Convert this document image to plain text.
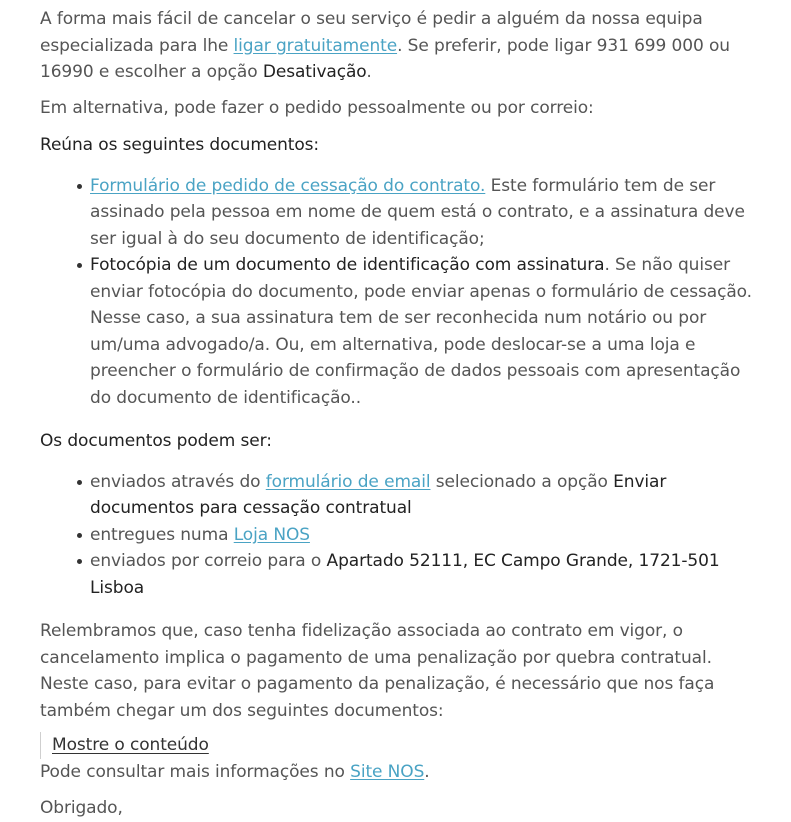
A forma mais fácil de cancelar o seu serviço é pedir a alguém da nossa equipa especializada para lhe ligar gratuitamente. Se preferir, pode ligar 931 699 000 ou 16990 e escolher a opção Desativação.

Em alternativa, pode fazer o pedido pessoalmente ou por correio:

Reúna os seguintes documentos:

Formulário de pedido de cessação do contrato. Este formulário tem de ser assinado pela pessoa em nome de quem está o contrato, e a assinatura deve ser igual à do seu documento de identificação;
Fotocópia de um documento de identificação com assinatura. Se não quiser enviar fotocópia do documento, pode enviar apenas o formulário de cessação. Nesse caso, a sua assinatura tem de ser reconhecida num notário ou por um/uma advogado/a. Ou, em alternativa, pode deslocar-se a uma loja e preencher o formulário de confirmação de dados pessoais com apresentação do documento de identificação..

Os documentos podem ser:

enviados através do formulário de email selecionado a opção Enviar documentos para cessação contratual
entregues numa Loja NOS
enviados por correio para o Apartado 52111, EC Campo Grande, 1721-501 Lisboa

Relembramos que, caso tenha fidelização associada ao contrato em vigor, o cancelamento implica o pagamento de uma penalização por quebra contratual.
Neste caso, para evitar o pagamento da penalização, é necessário que nos faça também chegar um dos seguintes documentos:

Mostre o conteúdo

Pode consultar mais informações no Site NOS.

Obrigado,
